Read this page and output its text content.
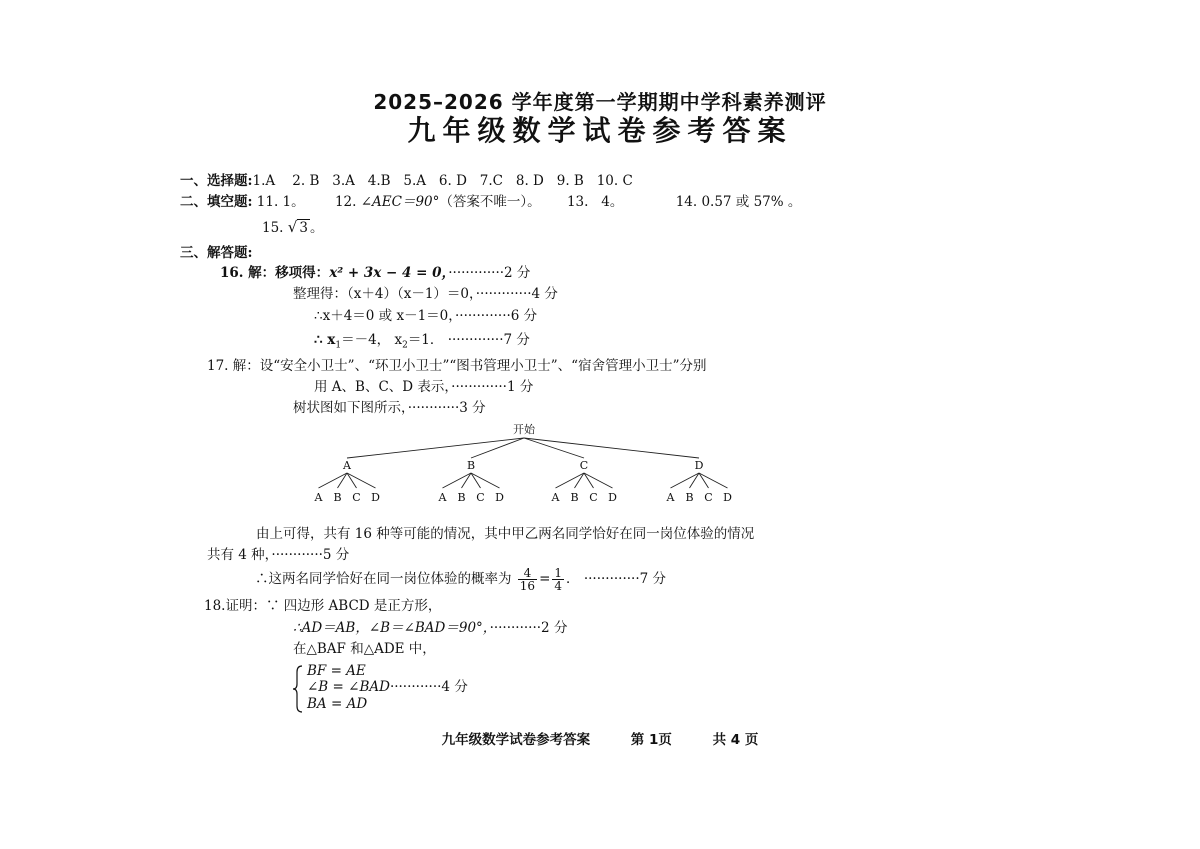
2025–2026 学年度第一学期期中学科素养测评
九年级数学试卷参考答案
一、选择题:1.A    2. B   3.A   4.B   5.A   6. D   7.C   8. D   9. B   10. C
二、填空题: 11. 1。 12. ∠AEC＝90°（答案不唯一）。 13.   4。	14. 0.57 或 57% 。
15. √ 3 。
三、解答题:
16. 解：移项得：x² + 3x − 4 = 0，·············2 分
整理得：（x＋4）（x－1）＝0，·············4 分
∴x＋4＝0 或 x－1＝0，·············6 分
∴ $x_1=-4$， $x_2=1$． ·············7 分
17. 解：设“安全小卫士”、“环卫小卫士”“图书管理小卫士”、“宿舍管理小卫士”分别
用 A、B、C、D 表示，·············1 分
树状图如下图所示，············3 分
开始
A
A B C D
B
A B C D
C
A B C D
D
A B C D
由上可得，共有 16 种等可能的情况，其中甲乙两名同学恰好在同一岗位体验的情况
共有 4 种，············5 分
∴这两名同学恰好在同一岗位体验的概率为 $\frac{4}{16} = \frac{1}{4}$ ． ·············7 分
18.证明：∵ 四边形 ABCD 是正方形，
∴AD＝AB，∠B＝∠BAD＝90°，············2 分
在△BAF 和△ADE 中，
BF = AE
∠B = ∠BAD············4 分
BA = AD
九年级数学试卷参考答案	第 1页	共 4 页
